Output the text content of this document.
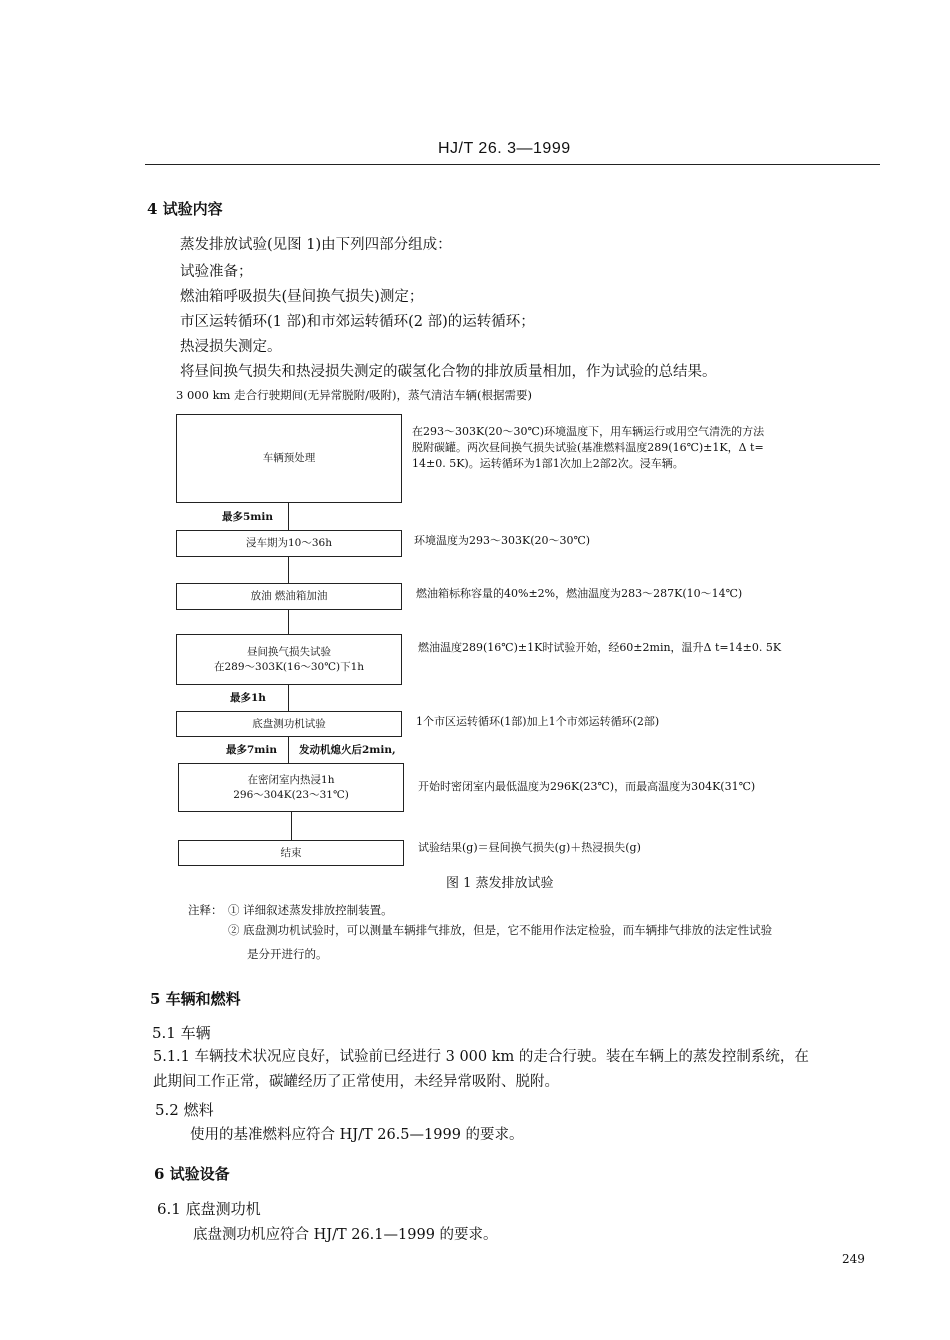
HJ/T 26. 3—1999
4 试验内容
蒸发排放试验(见图 1)由下列四部分组成：
试验准备；
燃油箱呼吸损失(昼间换气损失)测定；
市区运转循环(1 部)和市郊运转循环(2 部)的运转循环；
热浸损失测定。
将昼间换气损失和热浸损失测定的碳氢化合物的排放质量相加，作为试验的总结果。
3 000 km 走合行驶期间(无异常脱附/吸附)，蒸气清洁车辆(根据需要)
车辆预处理
浸车期为10～36h
放油 燃油箱加油
昼间换气损失试验
在289～303K(16～30℃)下1h
底盘测功机试验
在密闭室内热浸1h
296～304K(23～31℃)
结束
最多5min
最多1h
最多7min 发动机熄火后2min,
在293～303K(20～30℃)环境温度下，用车辆运行或用空气清洗的方法
脱附碳罐。两次昼间换气损失试验(基准燃料温度289(16℃)±1K，Δ t=
14±0. 5K)。运转循环为1部1次加上2部2次。浸车辆。
环境温度为293～303K(20～30℃)
燃油箱标称容量的40%±2%，燃油温度为283～287K(10～14℃)
燃油温度289(16℃)±1K时试验开始，经60±2min，温升Δ t=14±0. 5K
1个市区运转循环(1部)加上1个市郊运转循环(2部)
开始时密闭室内最低温度为296K(23℃)，而最高温度为304K(31℃)
试验结果(g)＝昼间换气损失(g)＋热浸损失(g)
图 1 蒸发排放试验
注释： ① 详细叙述蒸发排放控制装置。
② 底盘测功机试验时，可以测量车辆排气排放，但是，它不能用作法定检验，而车辆排气排放的法定性试验
是分开进行的。
5 车辆和燃料
5.1 车辆
5.1.1 车辆技术状况应良好，试验前已经进行 3 000 km 的走合行驶。装在车辆上的蒸发控制系统，在
此期间工作正常，碳罐经历了正常使用，未经异常吸附、脱附。
5.2 燃料
使用的基准燃料应符合 HJ/T 26.5—1999 的要求。
6 试验设备
6.1 底盘测功机
底盘测功机应符合 HJ/T 26.1—1999 的要求。
249
